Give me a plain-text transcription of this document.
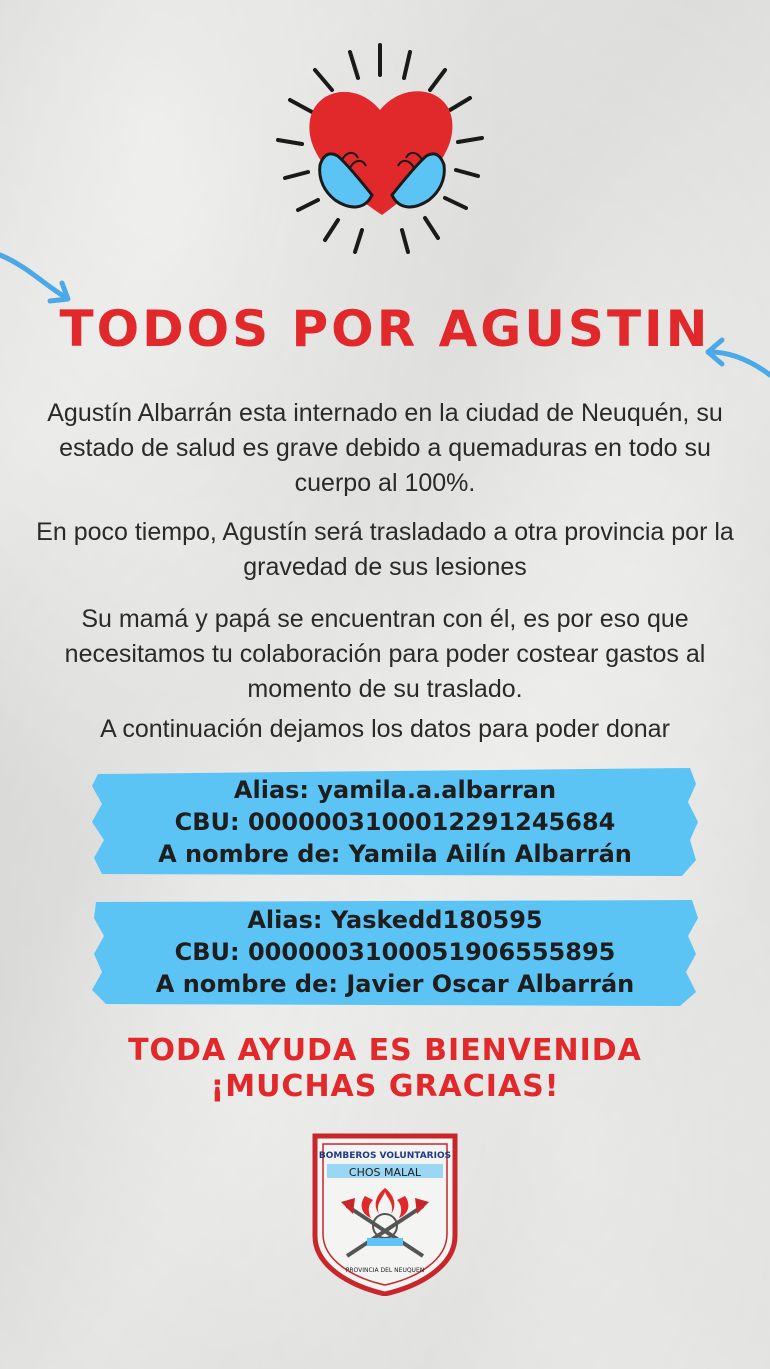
TODOS POR AGUSTIN
Agustín Albarrán esta internado en la ciudad de Neuquén, su estado de salud es grave debido a quemaduras en todo su cuerpo al 100%.
En poco tiempo, Agustín será trasladado a otra provincia por la gravedad de sus lesiones
Su mamá y papá se encuentran con él, es por eso que necesitamos tu colaboración para poder costear gastos al momento de su traslado.
A continuación dejamos los datos para poder donar
Alias: yamila.a.albarran
CBU: 0000003100012291245684
A nombre de: Yamila Ailín Albarrán
Alias: Yaskedd180595
CBU: 0000003100051906555895
A nombre de: Javier Oscar Albarrán
TODA AYUDA ES BIENVENIDA
¡MUCHAS GRACIAS!
BOMBEROS VOLUNTARIOS
CHOS MALAL
PROVINCIA DEL NEUQUEN
